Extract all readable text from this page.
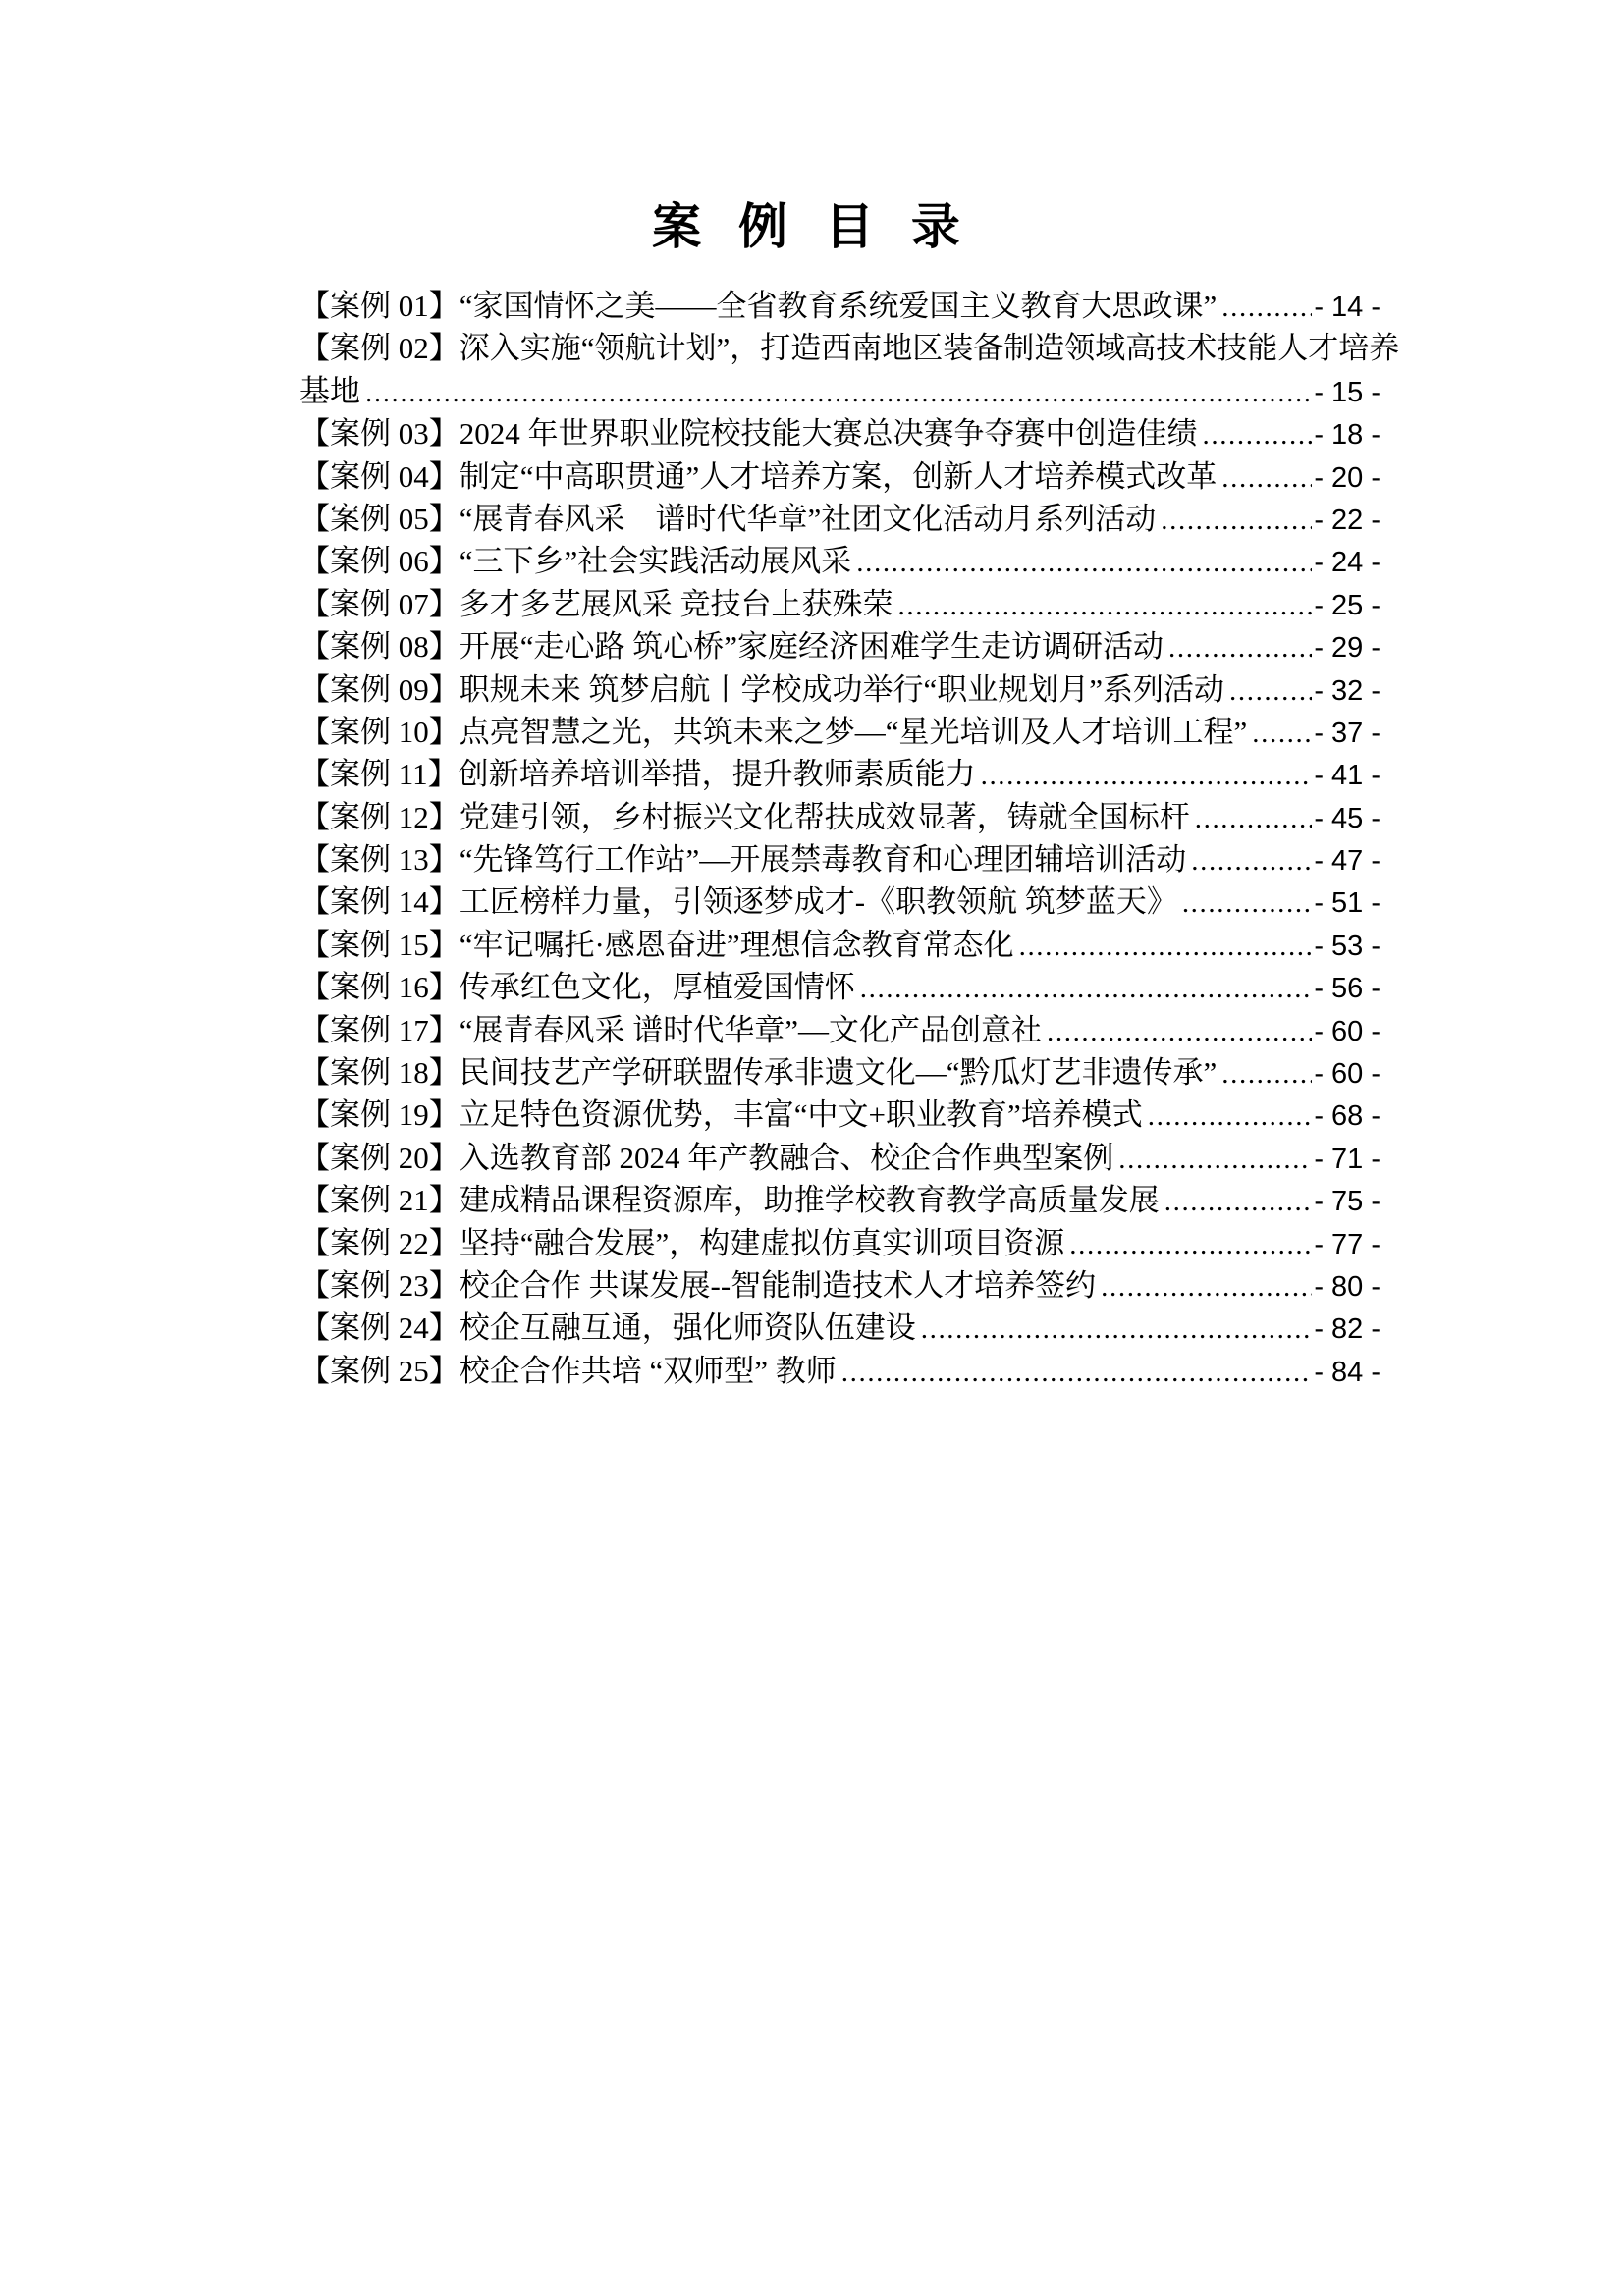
案 例 目 录
【案例 01】 “家国情怀之美——全省教育系统爱国主义教育大思政课” .....	- 14 -
【案例 02】 深入实施“领航计划”，打造西南地区装备制造领域高技术技能人才培养
基地 .....	- 15 -
【案例 03】 2024 年世界职业院校技能大赛总决赛争夺赛中创造佳绩 .....	- 18 -
【案例 04】 制定“中高职贯通”人才培养方案，创新人才培养模式改革 .....	- 20 -
【案例 05】 “展青春风采　谱时代华章”社团文化活动月系列活动 .....	- 22 -
【案例 06】 “三下乡”社会实践活动展风采 .....	- 24 -
【案例 07】 多才多艺展风采 竞技台上获殊荣 .....	- 25 -
【案例 08】 开展“走心路 筑心桥”家庭经济困难学生走访调研活动 .....	- 29 -
【案例 09】 职规未来 筑梦启航丨学校成功举行“职业规划月”系列活动 .....	- 32 -
【案例 10】 点亮智慧之光，共筑未来之梦—“星光培训及人才培训工程” ..... - 37 -
【案例 11】 创新培养培训举措，提升教师素质能力 .....	- 41 -
【案例 12】 党建引领，乡村振兴文化帮扶成效显著，铸就全国标杆 .....	- 45 -
【案例 13】 “先锋笃行工作站”—开展禁毒教育和心理团辅培训活动 .....	- 47 -
【案例 14】 工匠榜样力量，引领逐梦成才-《职教领航 筑梦蓝天》 .....	- 51 -
【案例 15】 “牢记嘱托·感恩奋进”理想信念教育常态化 .....	- 53 -
【案例 16】 传承红色文化，厚植爱国情怀 .....	- 56 -
【案例 17】 “展青春风采 谱时代华章”—文化产品创意社 .....	- 60 -
【案例 18】 民间技艺产学研联盟传承非遗文化—“黔瓜灯艺非遗传承” .....	- 60 -
【案例 19】 立足特色资源优势，丰富“中文+职业教育”培养模式 .....	- 68 -
【案例 20】 入选教育部 2024 年产教融合、校企合作典型案例 .....	- 71 -
【案例 21】 建成精品课程资源库，助推学校教育教学高质量发展 .....	- 75 -
【案例 22】 坚持“融合发展”，构建虚拟仿真实训项目资源 .....	- 77 -
【案例 23】 校企合作 共谋发展--智能制造技术人才培养签约 .....	- 80 -
【案例 24】 校企互融互通，强化师资队伍建设 .....	- 82 -
【案例 25】 校企合作共培 “双师型” 教师 .....	- 84 -
